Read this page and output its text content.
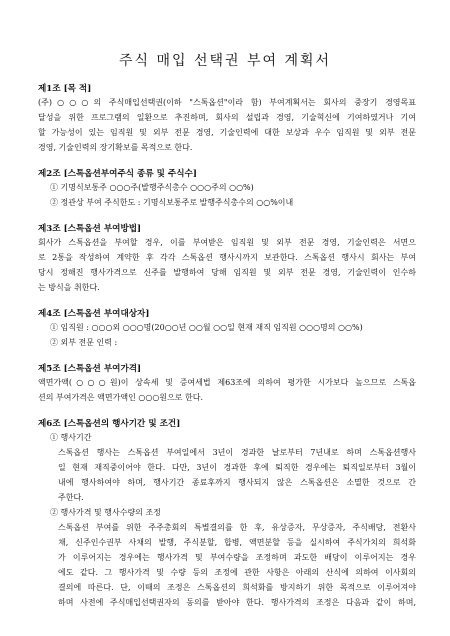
주식 매입 선택권 부여 계획서
제1조 [목 적]
(주)○○○의 주식매입선택권(이하 "스톡옵션"이라 함) 부여계획서는 회사의 중장기 경영목표
달성을 위한 프로그램의 일환으로 추진하며, 회사의 설립과 경영, 기술혁신에 기여하였거나 기여
할 가능성이 있는 임직원 및 외부 전문 경영, 기술인력에 대한 보상과 우수 임직원 및 외부 전문
경영, 기술인력의 장기확보를 목적으로 한다.
제2조 [스톡옵션부여주식 종류 및 주식수]
① 기명식보통주 ○○○주(발행주식총수 ○○○주의 ○○%)
② 정관상 부여 주식한도 : 기명식보통주로 발행주식총수의 ○○%이내
제3조 [스톡옵션 부여방법]
회사가 스톡옵션을 부여할 경우, 이를 부여받은 임직원 및 외부 전문 경영, 기술인력은 서면으
로 2통을 작성하여 계약한 후 각각 스톡옵션 행사시까지 보관한다. 스톡옵션 행사시 회사는 부여
당시 정해진 행사가격으로 신주를 발행하여 당해 임직원 및 외부 전문 경영, 기술인력이 인수하
는 방식을 취한다.
제4조 [스톡옵션 부여대상자]
① 임직원 : ○○○외 ○○○명(20○○년 ○○월 ○○일 현재 재직 임직원 ○○○명의 ○○%)
② 외부 전문 인력 :
제5조 [스톡옵션 부여가격]
액면가액(○○○원)이 상속세 및 증여세법 제63조에 의하여 평가한 시가보다 높으므로 스톡옵
션의 부여가격은 액면가액인 ○○○원으로 한다.
제6조 [스톡옵션의 행사기간 및 조건]
① 행사기간
스톡옵션 행사는 스톡옵션 부여일에서 3년이 경과한 날로부터 7년내로 하며 스톡옵션행사
일 현재 재직중이어야 한다. 다만, 3년이 경과한 후에 퇴직한 경우에는 퇴직일로부터 3월이
내에 행사하여야 하며, 행사기간 종료후까지 행사되지 않은 스톡옵션은 소멸한 것으로 간
주한다.
② 행사가격 및 행사수량의 조정
스톡옵션 부여를 위한 주주총회의 특별결의를 한 후, 유상증자, 무상증자, 주식배당, 전환사
채, 신주인수권부 사채의 발행, 주식분할, 합병, 액면분할 등을 실시하여 주식가치의 희석화
가 이루어지는 경우에는 행사가격 및 부여수량을 조정하며 과도한 배당이 이루어지는 경우
에도 같다. 그 행사가격 및 수량 등의 조정에 관한 사항은 아래의 산식에 의하여 이사회의
결의에 따른다. 단, 이때의 조정은 스톡옵션의 희석화를 방지하기 위한 목적으로 이루어져야
하며 사전에 주식매입선택권자의 동의를 받아야 한다. 행사가격의 조정은 다음과 같이 하며,
